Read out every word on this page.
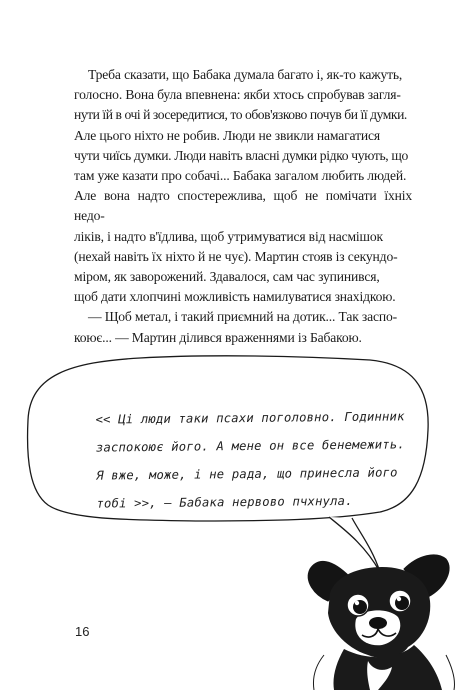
Треба сказати, що Бабака думала багато і, як-то кажуть,

голосно. Вона була впевнена: якби хтось спробував загля-

нути їй в очі й зосередитися, то обов'язково почув би її думки.

Але цього ніхто не робив. Люди не звикли намагатися

чути чиїсь думки. Люди навіть власні думки рідко чують, що

там уже казати про собачі... Бабака загалом любить людей.

Але вона надто спостережлива, щоб не помічати їхніх недо-

ліків, і надто в'їдлива, щоб утримуватися від насмішок

(нехай навіть їх ніхто й не чує). Мартин стояв із секундо-

міром, як заворожений. Здавалося, сам час зупинився,

щоб дати хлопчині можливість намилуватися знахідкою.

— Щоб метал, і такий приємний на дотик... Так заспо-

коює... — Мартин ділився враженнями із Бабакою.

<< Ці люди таки псахи поголовно. Годинник
заспокоює його. А мене он все бенемежить.
Я вже, може, і не рада, що принесла його
тобі >>, — Бабака нервово пчхнула.
16
